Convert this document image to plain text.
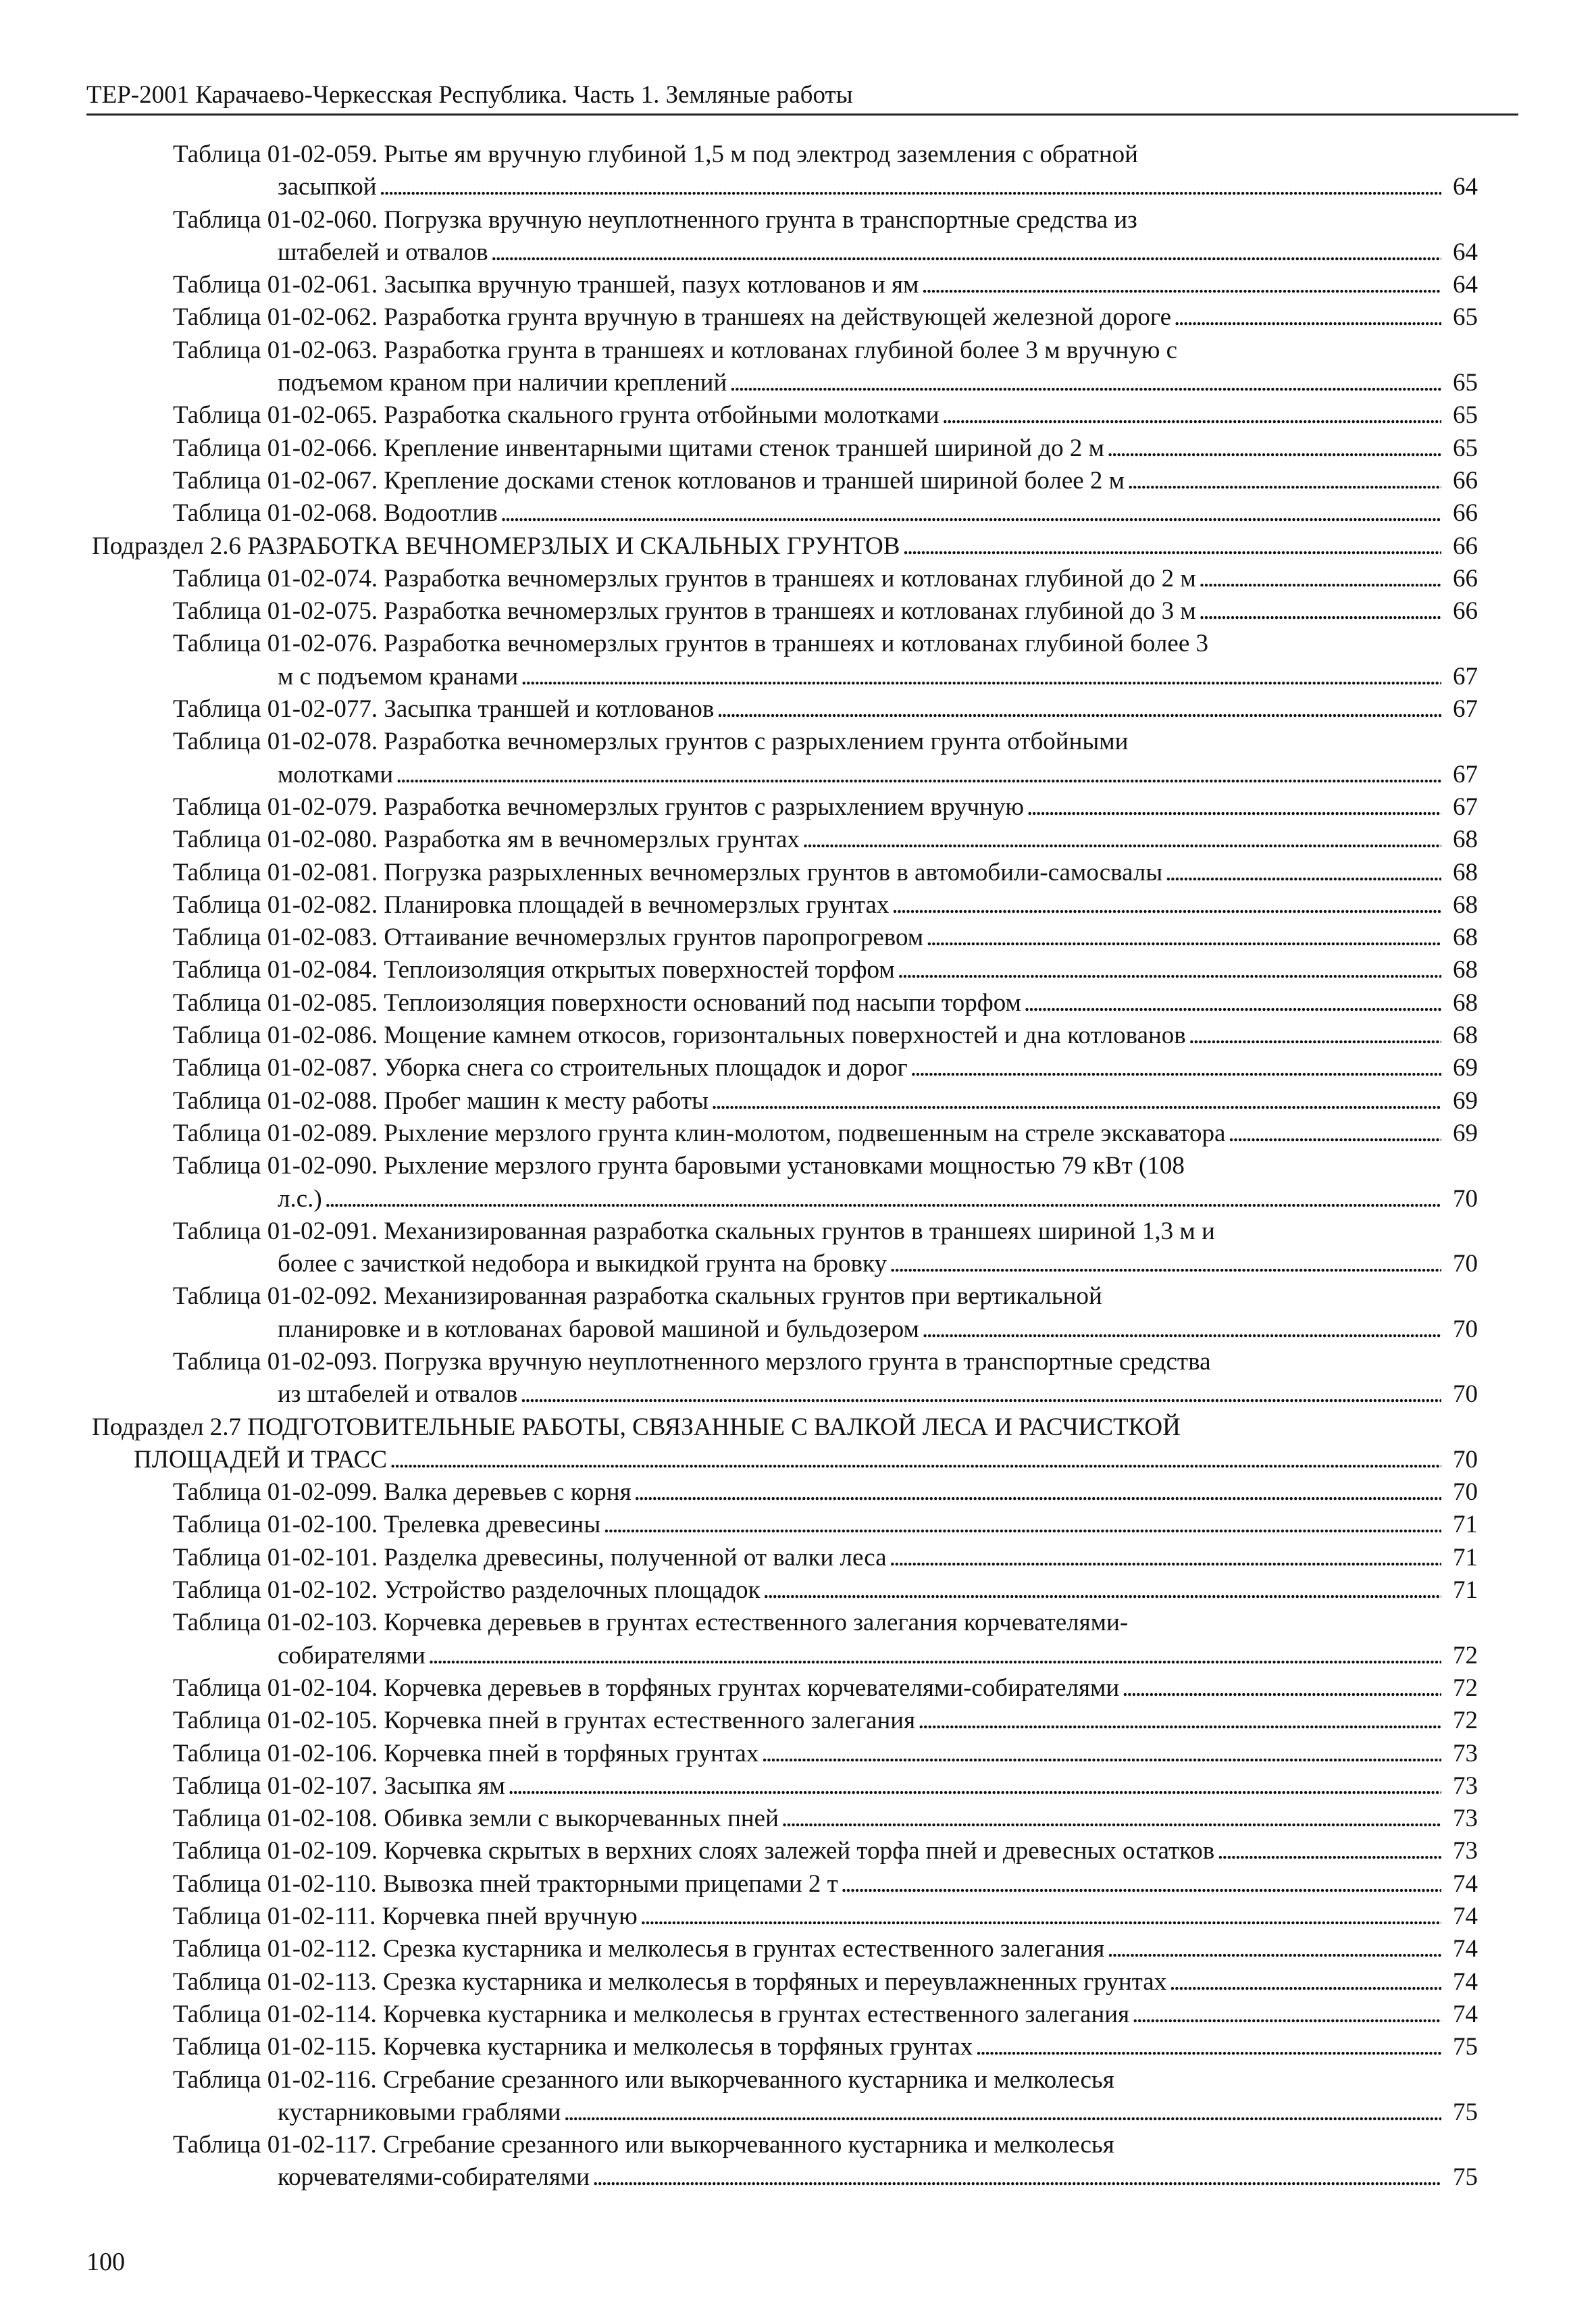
ТЕР-2001 Карачаево-Черкесская Республика. Часть 1. Земляные работы
Таблица 01-02-059. Рытье ям вручную глубиной 1,5 м под электрод заземления с обратной
засыпкой . . .	64
Таблица 01-02-060. Погрузка вручную неуплотненного грунта в транспортные средства из
штабелей и отвалов . . .	64
Таблица 01-02-061. Засыпка вручную траншей, пазух котлованов и ям . . .	64
Таблица 01-02-062. Разработка грунта вручную в траншеях на действующей железной дороге . . .	65
Таблица 01-02-063. Разработка грунта в траншеях и котлованах глубиной более 3 м вручную с
подъемом краном при наличии креплений . . .	65
Таблица 01-02-065. Разработка скального грунта отбойными молотками . . .	65
Таблица 01-02-066. Крепление инвентарными щитами стенок траншей шириной до 2 м . . .	65
Таблица 01-02-067. Крепление досками стенок котлованов и траншей шириной более 2 м . . .	66
Таблица 01-02-068. Водоотлив . . .	66
Подраздел 2.6 РАЗРАБОТКА ВЕЧНОМЕРЗЛЫХ И СКАЛЬНЫХ ГРУНТОВ . . .	66
Таблица 01-02-074. Разработка вечномерзлых грунтов в траншеях и котлованах глубиной до 2 м . . .	66
Таблица 01-02-075. Разработка вечномерзлых грунтов в траншеях и котлованах глубиной до 3 м . . .	66
Таблица 01-02-076. Разработка вечномерзлых грунтов в траншеях и котлованах глубиной более 3
м с подъемом кранами . . .	67
Таблица 01-02-077. Засыпка траншей и котлованов . . .	67
Таблица 01-02-078. Разработка вечномерзлых грунтов с разрыхлением грунта отбойными
молотками . . .	67
Таблица 01-02-079. Разработка вечномерзлых грунтов с разрыхлением вручную . . .	67
Таблица 01-02-080. Разработка ям в вечномерзлых грунтах . . .	68
Таблица 01-02-081. Погрузка разрыхленных вечномерзлых грунтов в автомобили-самосвалы . . .	68
Таблица 01-02-082. Планировка площадей в вечномерзлых грунтах . . .	68
Таблица 01-02-083. Оттаивание вечномерзлых грунтов паропрогревом . . .	68
Таблица 01-02-084. Теплоизоляция открытых поверхностей торфом . . .	68
Таблица 01-02-085. Теплоизоляция поверхности оснований под насыпи торфом . . .	68
Таблица 01-02-086. Мощение камнем откосов, горизонтальных поверхностей и дна котлованов . . .	68
Таблица 01-02-087. Уборка снега со строительных площадок и дорог . . .	69
Таблица 01-02-088. Пробег машин к месту работы . . .	69
Таблица 01-02-089. Рыхление мерзлого грунта клин-молотом, подвешенным на стреле экскаватора . . .	69
Таблица 01-02-090. Рыхление мерзлого грунта баровыми установками мощностью 79 кВт (108
л.с.) . . .	70
Таблица 01-02-091. Механизированная разработка скальных грунтов в траншеях шириной 1,3 м и
более с зачисткой недобора и выкидкой грунта на бровку . . .	70
Таблица 01-02-092. Механизированная разработка скальных грунтов при вертикальной
планировке и в котлованах баровой машиной и бульдозером . . .	70
Таблица 01-02-093. Погрузка вручную неуплотненного мерзлого грунта в транспортные средства
из штабелей и отвалов . . .	70
Подраздел 2.7 ПОДГОТОВИТЕЛЬНЫЕ РАБОТЫ, СВЯЗАННЫЕ С ВАЛКОЙ ЛЕСА И РАСЧИСТКОЙ
ПЛОЩАДЕЙ И ТРАСС . . .	70
Таблица 01-02-099. Валка деревьев с корня . . .	70
Таблица 01-02-100. Трелевка древесины . . .	71
Таблица 01-02-101. Разделка древесины, полученной от валки леса . . .	71
Таблица 01-02-102. Устройство разделочных площадок . . .	71
Таблица 01-02-103. Корчевка деревьев в грунтах естественного залегания корчевателями-
собирателями . . .	72
Таблица 01-02-104. Корчевка деревьев в торфяных грунтах корчевателями-собирателями . . .	72
Таблица 01-02-105. Корчевка пней в грунтах естественного залегания . . .	72
Таблица 01-02-106. Корчевка пней в торфяных грунтах . . .	73
Таблица 01-02-107. Засыпка ям . . .	73
Таблица 01-02-108. Обивка земли с выкорчеванных пней . . .	73
Таблица 01-02-109. Корчевка скрытых в верхних слоях залежей торфа пней и древесных остатков . . .	73
Таблица 01-02-110. Вывозка пней тракторными прицепами 2 т . . .	74
Таблица 01-02-111. Корчевка пней вручную . . .	74
Таблица 01-02-112. Срезка кустарника и мелколесья в грунтах естественного залегания . . .	74
Таблица 01-02-113. Срезка кустарника и мелколесья в торфяных и переувлажненных грунтах . . .	74
Таблица 01-02-114. Корчевка кустарника и мелколесья в грунтах естественного залегания . . .	74
Таблица 01-02-115. Корчевка кустарника и мелколесья в торфяных грунтах . . .	75
Таблица 01-02-116. Сгребание срезанного или выкорчеванного кустарника и мелколесья
кустарниковыми граблями . . .	75
Таблица 01-02-117. Сгребание срезанного или выкорчеванного кустарника и мелколесья
корчевателями-собирателями . . .	75
100
